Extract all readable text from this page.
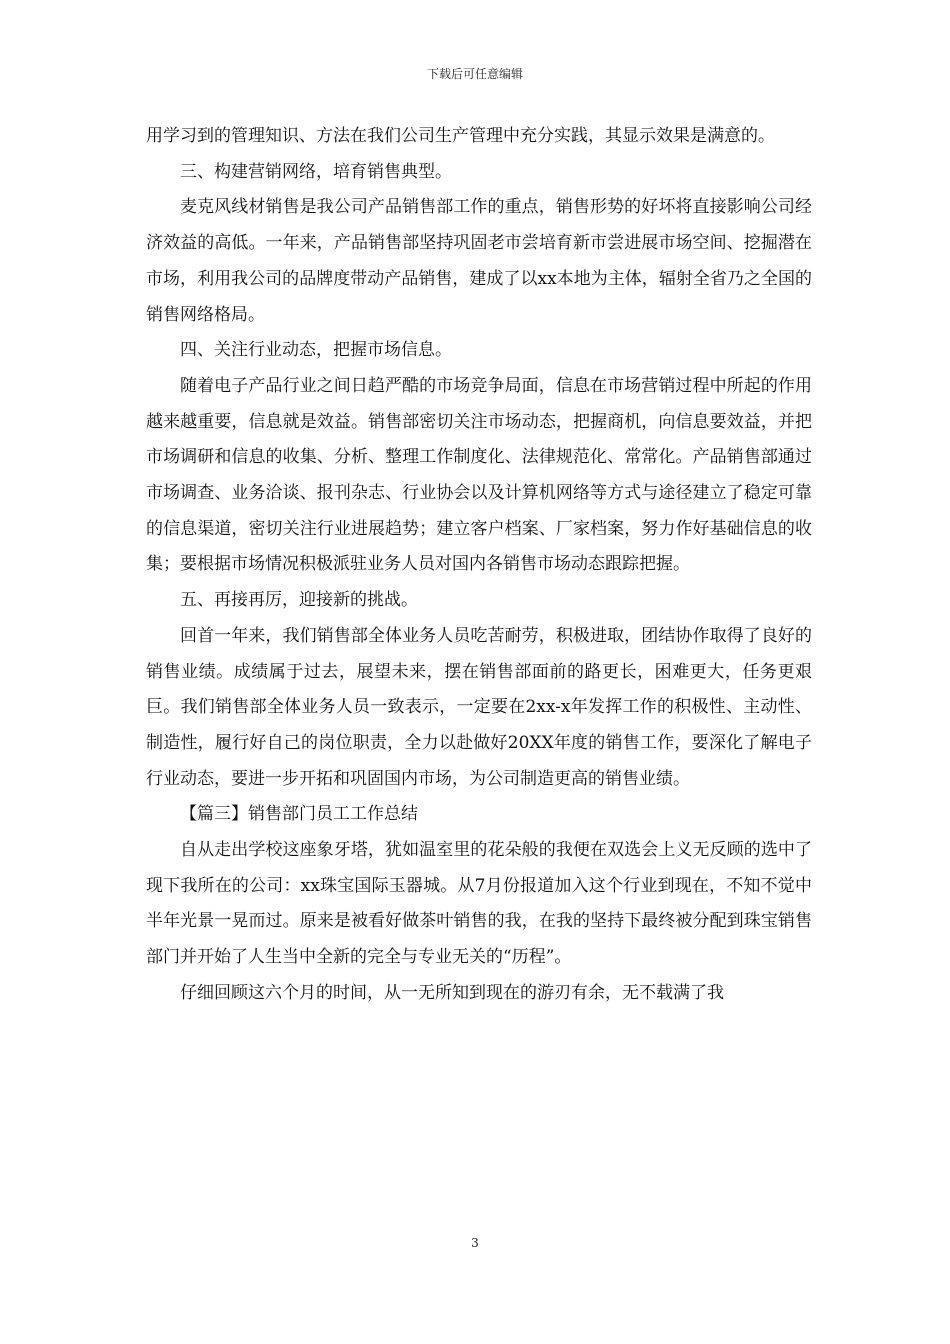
下载后可任意编辑

用学习到的管理知识、方法在我们公司生产管理中充分实践，其显示效果是满意的。

三、构建营销网络，培育销售典型。

麦克风线材销售是我公司产品销售部工作的重点，销售形势的好坏将直接影响公司经济效益的高低。一年来，产品销售部坚持巩固老市尝培育新市尝进展市场空间、挖掘潜在市场，利用我公司的品牌度带动产品销售，建成了以xx本地为主体，辐射全省乃之全国的销售网络格局。

四、关注行业动态，把握市场信息。

随着电子产品行业之间日趋严酷的市场竞争局面，信息在市场营销过程中所起的作用越来越重要，信息就是效益。销售部密切关注市场动态，把握商机，向信息要效益，并把市场调研和信息的收集、分析、整理工作制度化、法律规范化、常常化。产品销售部通过市场调查、业务洽谈、报刊杂志、行业协会以及计算机网络等方式与途径建立了稳定可靠的信息渠道，密切关注行业进展趋势；建立客户档案、厂家档案，努力作好基础信息的收集；要根据市场情况积极派驻业务人员对国内各销售市场动态跟踪把握。

五、再接再厉，迎接新的挑战。

回首一年来，我们销售部全体业务人员吃苦耐劳，积极进取，团结协作取得了良好的销售业绩。成绩属于过去，展望未来，摆在销售部面前的路更长，困难更大，任务更艰巨。我们销售部全体业务人员一致表示，一定要在2xx-x年发挥工作的积极性、主动性、制造性，履行好自己的岗位职责，全力以赴做好20XX年度的销售工作，要深化了解电子行业动态，要进一步开拓和巩固国内市场，为公司制造更高的销售业绩。

【篇三】销售部门员工工作总结

自从走出学校这座象牙塔，犹如温室里的花朵般的我便在双选会上义无反顾的选中了现下我所在的公司：xx珠宝国际玉器城。从7月份报道加入这个行业到现在，不知不觉中半年光景一晃而过。原来是被看好做茶叶销售的我，在我的坚持下最终被分配到珠宝销售部门并开始了人生当中全新的完全与专业无关的“历程”。

仔细回顾这六个月的时间，从一无所知到现在的游刃有余，无不载满了我

3
